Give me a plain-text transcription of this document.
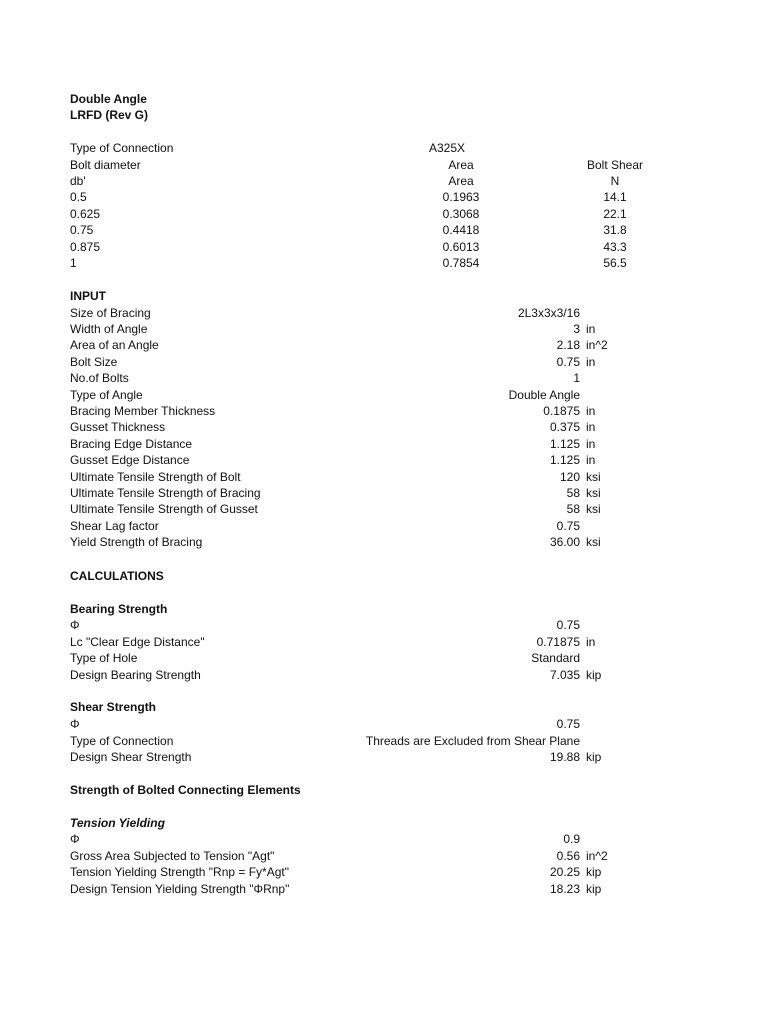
Double Angle
LRFD (Rev G)
Type of Connection	A325X
Bolt diameter	Area	Bolt Shear
db'	Area	N
0.5	0.1963	14.1
0.625	0.3068	22.1
0.75	0.4418	31.8
0.875	0.6013	43.3
1	0.7854	56.5
INPUT
Size of Bracing	2L3x3x3/16
Width of Angle	3 in
Area of an Angle	2.18 in^2
Bolt Size	0.75 in
No.of Bolts	1
Type of Angle	Double Angle
Bracing Member Thickness	0.1875 in
Gusset Thickness	0.375 in
Bracing Edge Distance	1.125 in
Gusset Edge Distance	1.125 in
Ultimate Tensile Strength of Bolt	120 ksi
Ultimate Tensile Strength of Bracing	58 ksi
Ultimate Tensile Strength of Gusset	58 ksi
Shear Lag factor	0.75
Yield Strength of Bracing	36.00 ksi
CALCULATIONS
Bearing Strength
Φ	0.75
Lc "Clear Edge Distance"	0.71875 in
Type of Hole	Standard
Design Bearing Strength	7.035 kip
Shear Strength
Φ	0.75
Type of Connection	Threads are Excluded from Shear Plane
Design Shear Strength	19.88 kip
Strength of Bolted Connecting Elements
Tension Yielding
Φ	0.9
Gross Area Subjected to Tension "Agt"	0.56 in^2
Tension Yielding Strength "Rnp = Fy*Agt"	20.25 kip
Design Tension Yielding Strength "ΦRnp"	18.23 kip
